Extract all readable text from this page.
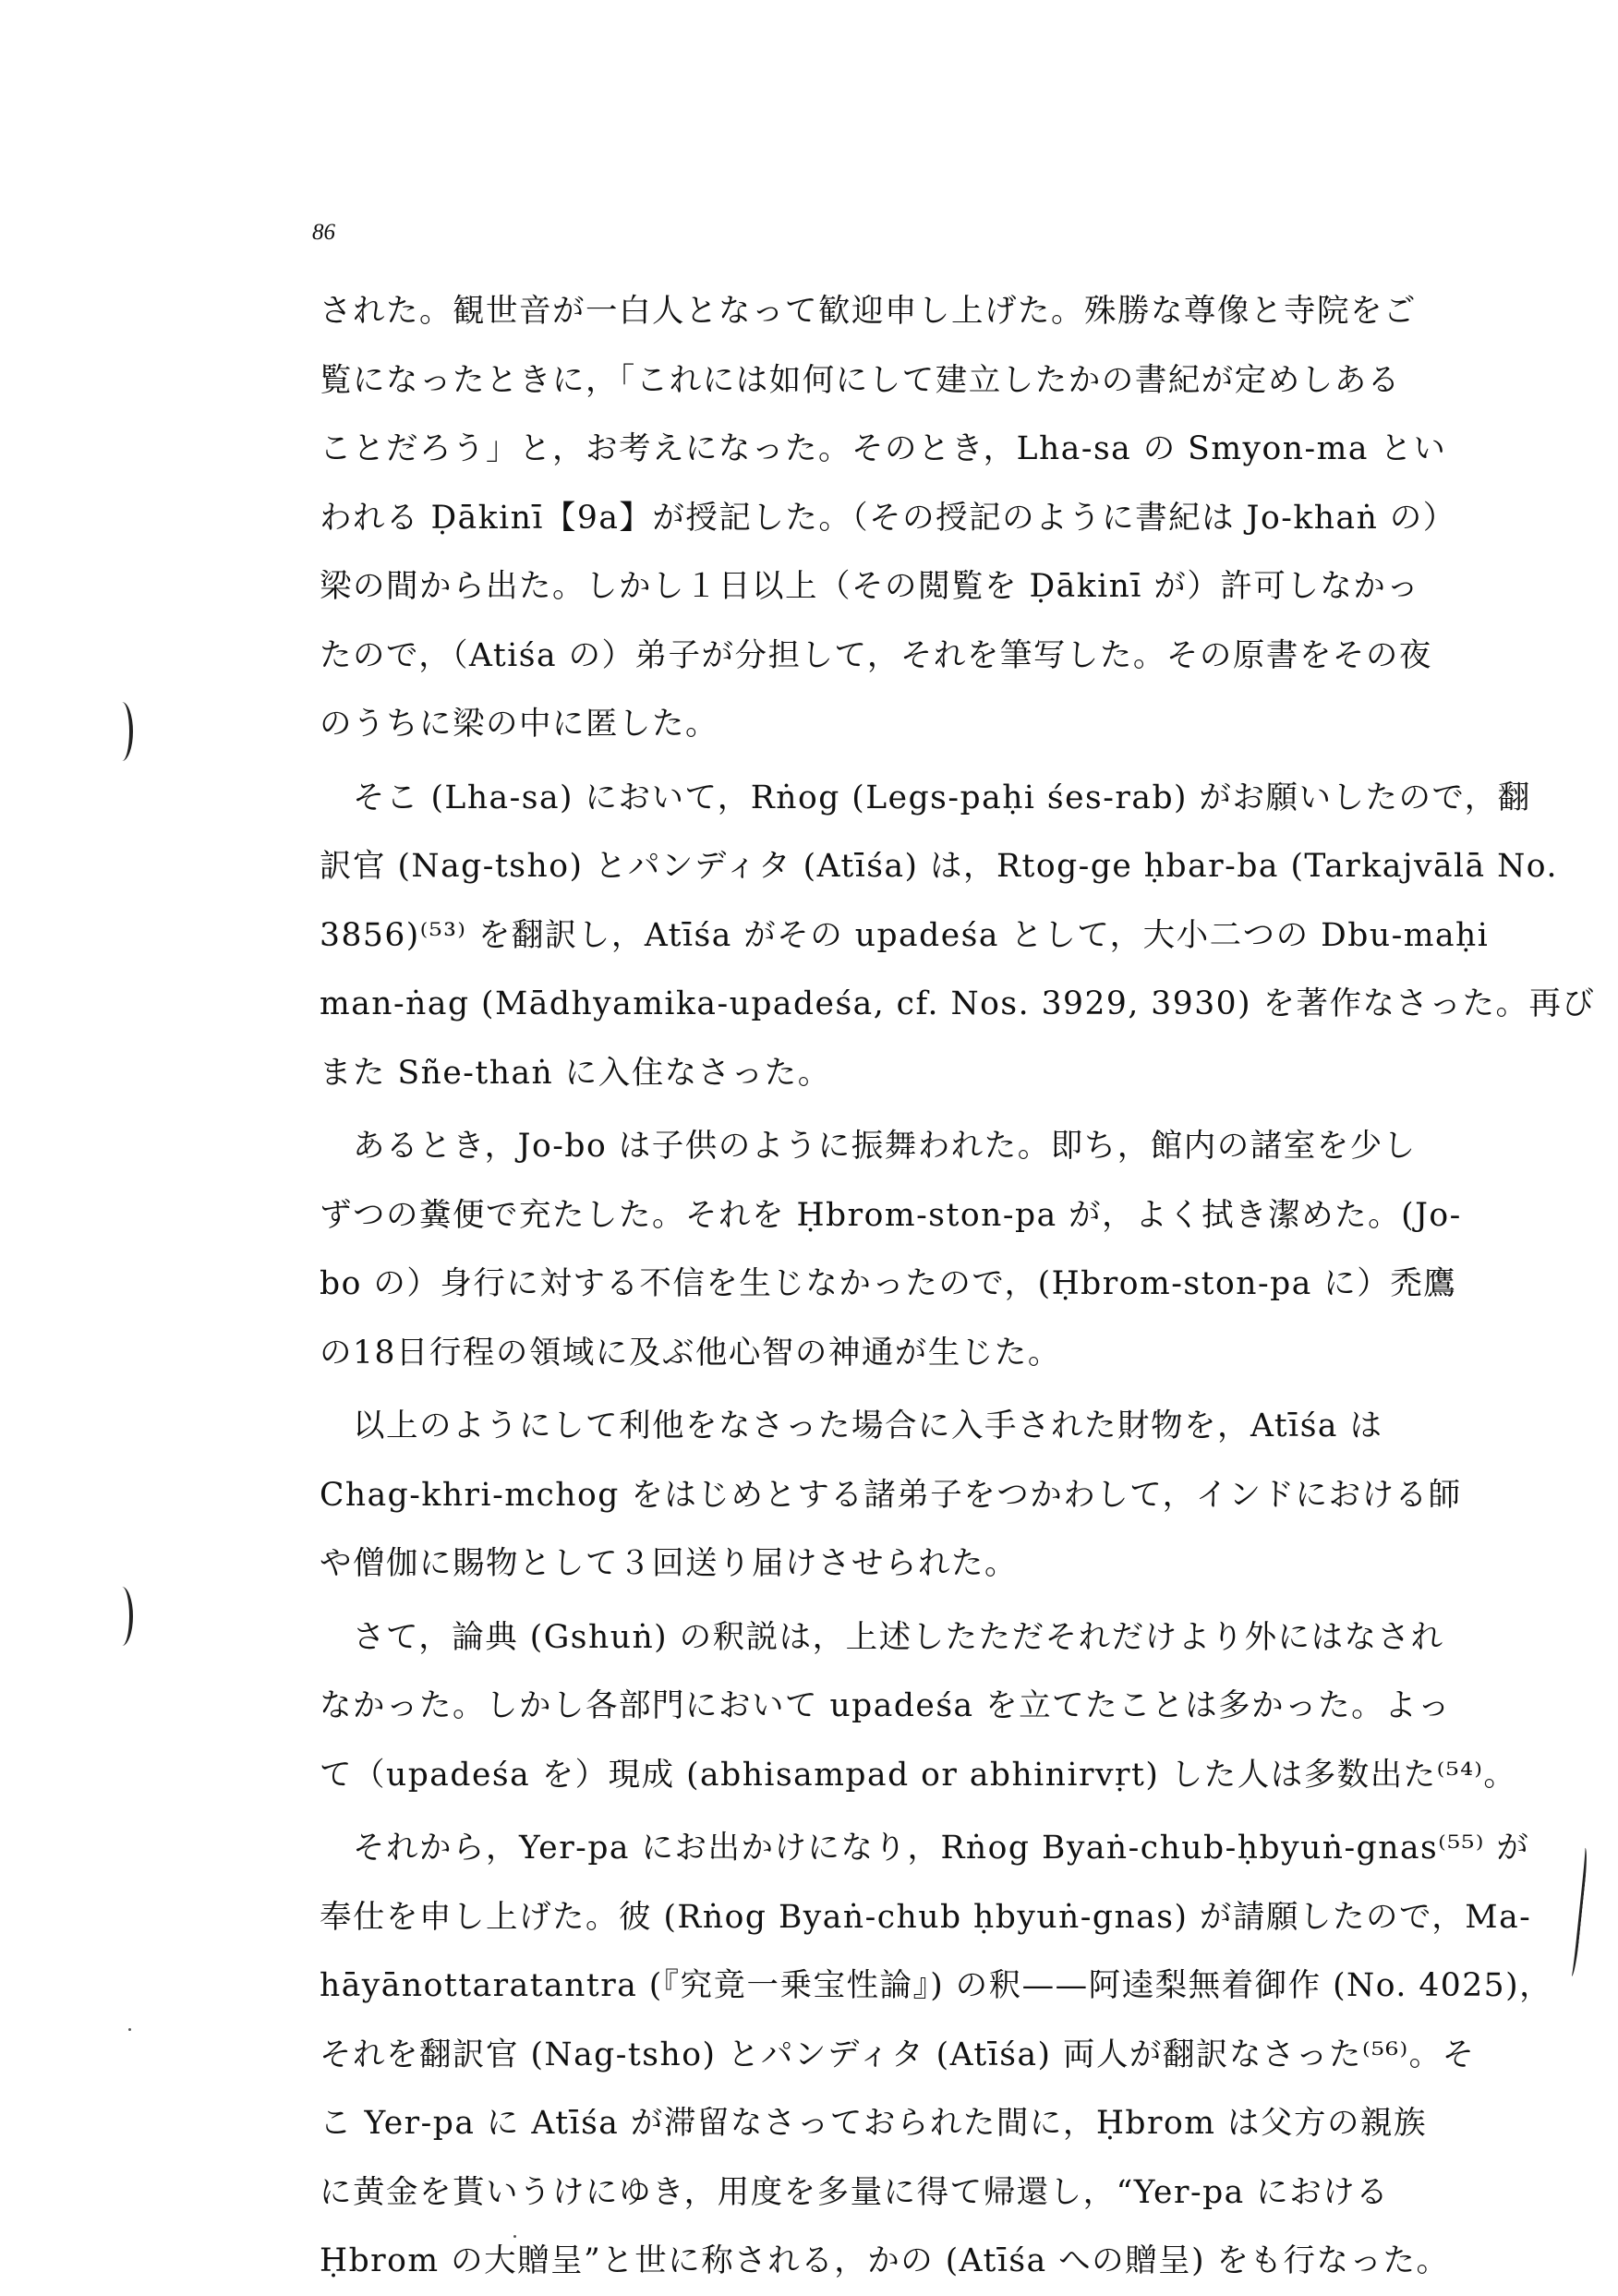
86
された。観世音が一白人となって歓迎申し上げた。殊勝な尊像と寺院をご
覧になったときに，「これには如何にして建立したかの書紀が定めしある
ことだろう」と，お考えになった。そのとき，Lha-sa の Smyon-ma とい
われる Ḍākinī【9a】が授記した。（その授記のように書紀は Jo-khaṅ の）
梁の間から出た。しかし１日以上（その閲覧を Ḍākinī が）許可しなかっ
たので，（Atiśa の）弟子が分担して，それを筆写した。その原書をその夜
のうちに梁の中に匿した。
そこ (Lha-sa) において，Rṅog (Legs-paḥi śes-rab) がお願いしたので，翻
訳官 (Nag-tsho) とパンディタ (Atīśa) は，Rtog-ge ḥbar-ba (Tarkajvālā No.
3856)⁽⁵³⁾ を翻訳し，Atīśa がその upadeśa として，大小二つの Dbu-maḥi
man-ṅag (Mādhyamika-upadeśa, cf. Nos. 3929, 3930) を著作なさった。再び
また Sñe-thaṅ に入住なさった。
あるとき，Jo-bo は子供のように振舞われた。即ち，館内の諸室を少し
ずつの糞便で充たした。それを Ḥbrom-ston-pa が，よく拭き潔めた。(Jo-
bo の）身行に対する不信を生じなかったので，(Ḥbrom-ston-pa に）禿鷹
の18日行程の領域に及ぶ他心智の神通が生じた。
以上のようにして利他をなさった場合に入手された財物を，Atīśa は
Chag-khri-mchog をはじめとする諸弟子をつかわして，インドにおける師
や僧伽に賜物として３回送り届けさせられた。
さて，論典 (Gshuṅ) の釈説は，上述したただそれだけより外にはなされ
なかった。しかし各部門において upadeśa を立てたことは多かった。よっ
て（upadeśa を）現成 (abhisampad or abhinirvṛt) した人は多数出た⁽⁵⁴⁾。
それから，Yer-pa にお出かけになり，Rṅog Byaṅ-chub-ḥbyuṅ-gnas⁽⁵⁵⁾ が
奉仕を申し上げた。彼 (Rṅog Byaṅ-chub ḥbyuṅ-gnas) が請願したので，Ma-
hāyānottaratantra (『究竟一乗宝性論』) の釈——阿逵梨無着御作 (No. 4025)，
それを翻訳官 (Nag-tsho) とパンディタ (Atīśa) 両人が翻訳なさった⁽⁵⁶⁾。そ
こ Yer-pa に Atīśa が滞留なさっておられた間に，Ḥbrom は父方の親族
に黄金を貰いうけにゆき，用度を多量に得て帰還し，“Yer-pa における
Ḥbrom の大贈呈”と世に称される，かの (Atīśa への贈呈) をも行なった。
